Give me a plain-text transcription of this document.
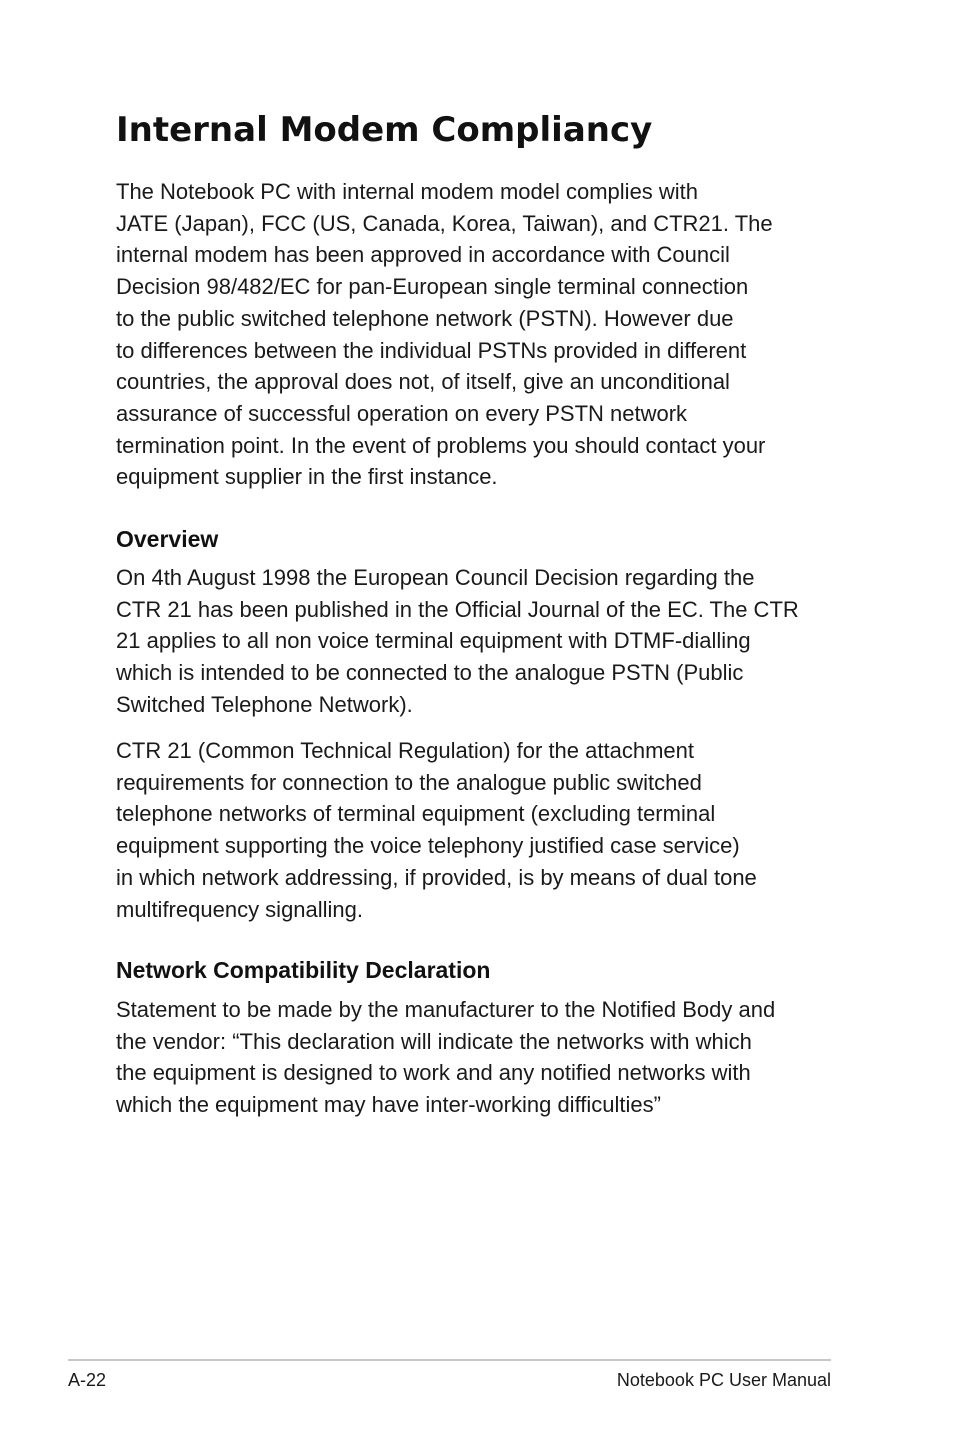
Internal Modem Compliancy

The Notebook PC with internal modem model complies with
JATE (Japan), FCC (US, Canada, Korea, Taiwan), and CTR21. The
internal modem has been approved in accordance with Council
Decision 98/482/EC for pan-European single terminal connection
to the public switched telephone network (PSTN). However due
to differences between the individual PSTNs provided in different
countries, the approval does not, of itself, give an unconditional
assurance of successful operation on every PSTN network
termination point. In the event of problems you should contact your
equipment supplier in the first instance.

Overview

On 4th August 1998 the European Council Decision regarding the
CTR 21 has been published in the Official Journal of the EC. The CTR
21 applies to all non voice terminal equipment with DTMF-dialling
which is intended to be connected to the analogue PSTN (Public
Switched Telephone Network).

CTR 21 (Common Technical Regulation) for the attachment
requirements for connection to the analogue public switched
telephone networks of terminal equipment (excluding terminal
equipment supporting the voice telephony justified case service)
in which network addressing, if provided, is by means of dual tone
multifrequency signalling.

Network Compatibility Declaration

Statement to be made by the manufacturer to the Notified Body and
the vendor: “This declaration will indicate the networks with which
the equipment is designed to work and any notified networks with
which the equipment may have inter-working difficulties”

A-22	Notebook PC User Manual
